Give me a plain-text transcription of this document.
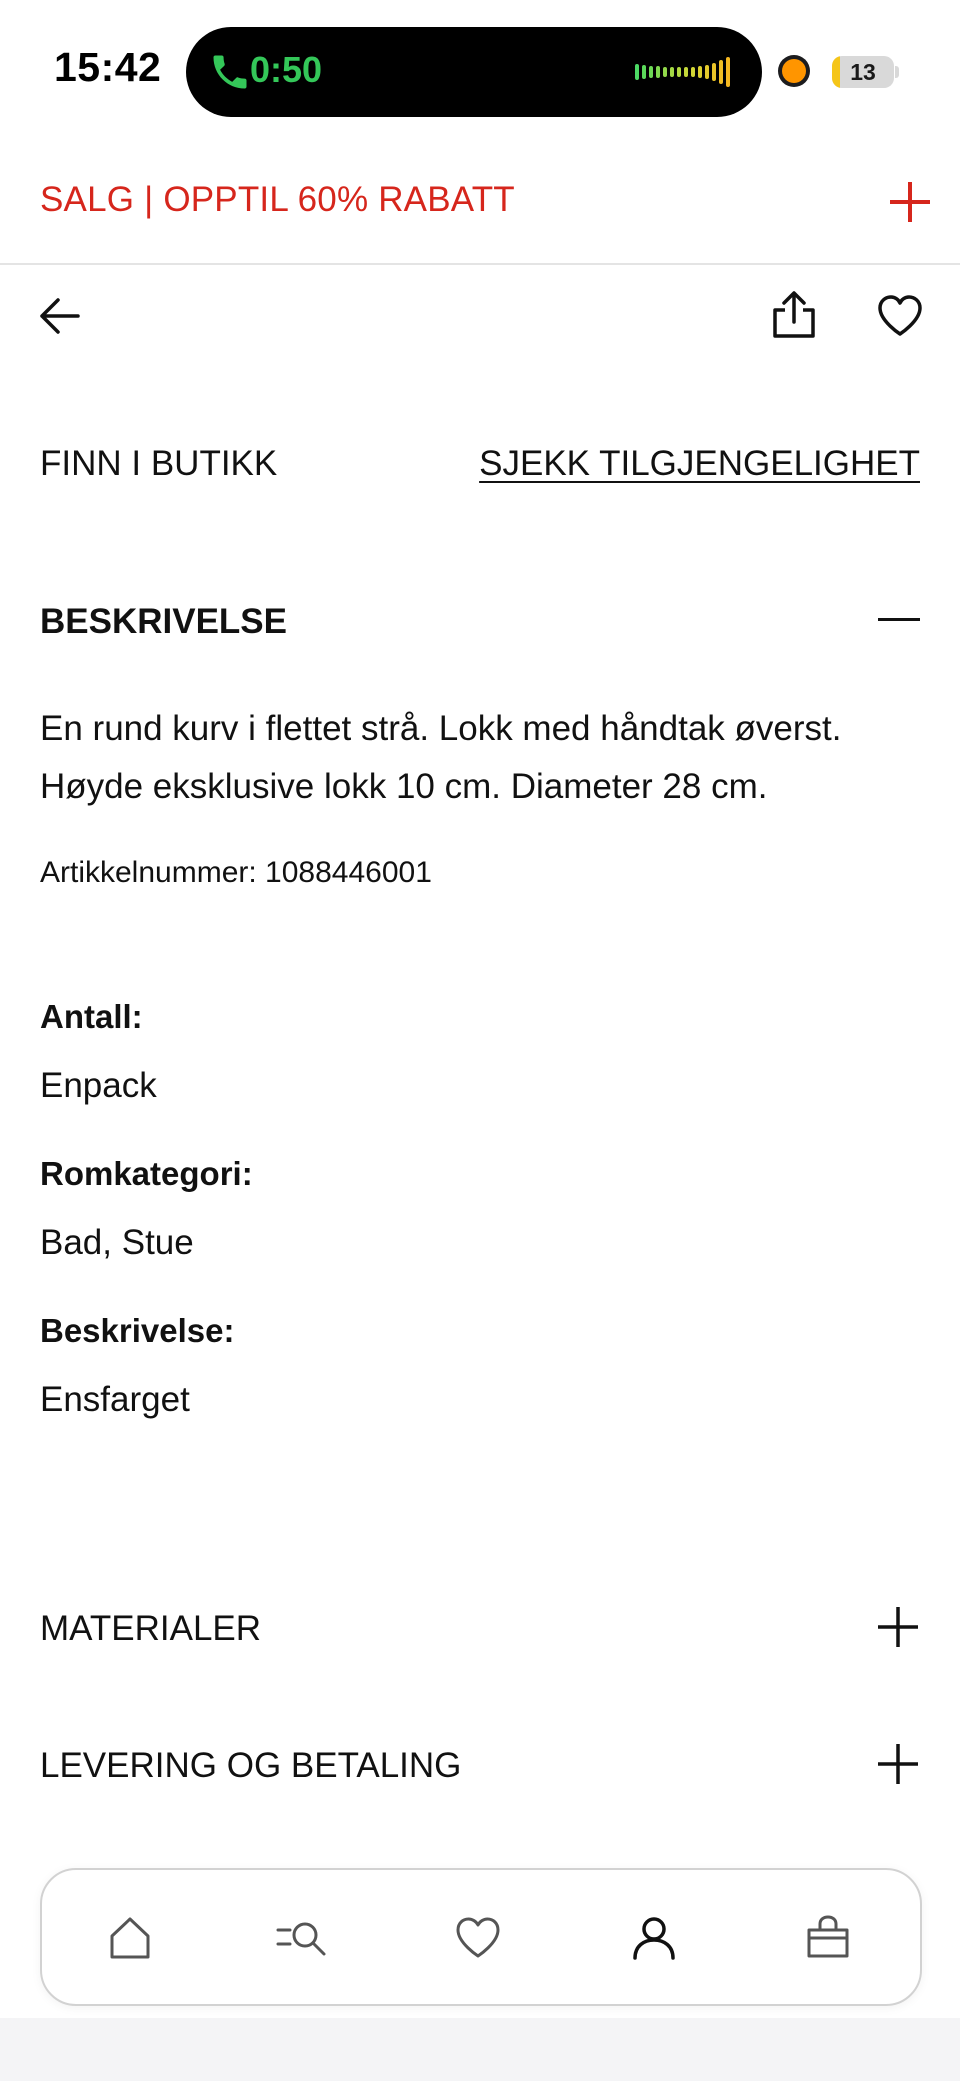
15:42 0:50	13
SALG | OPPTIL 60% RABATT
FINN I BUTIKK	SJEKK TILGJENGELIGHET
BESKRIVELSE
En rund kurv i flettet strå. Lokk med håndtak øverst. Høyde eksklusive lokk 10 cm. Diameter 28 cm.
Artikkelnummer: 1088446001
Antall:
Enpack
Romkategori:
Bad, Stue
Beskrivelse:
Ensfarget
MATERIALER
LEVERING OG BETALING
